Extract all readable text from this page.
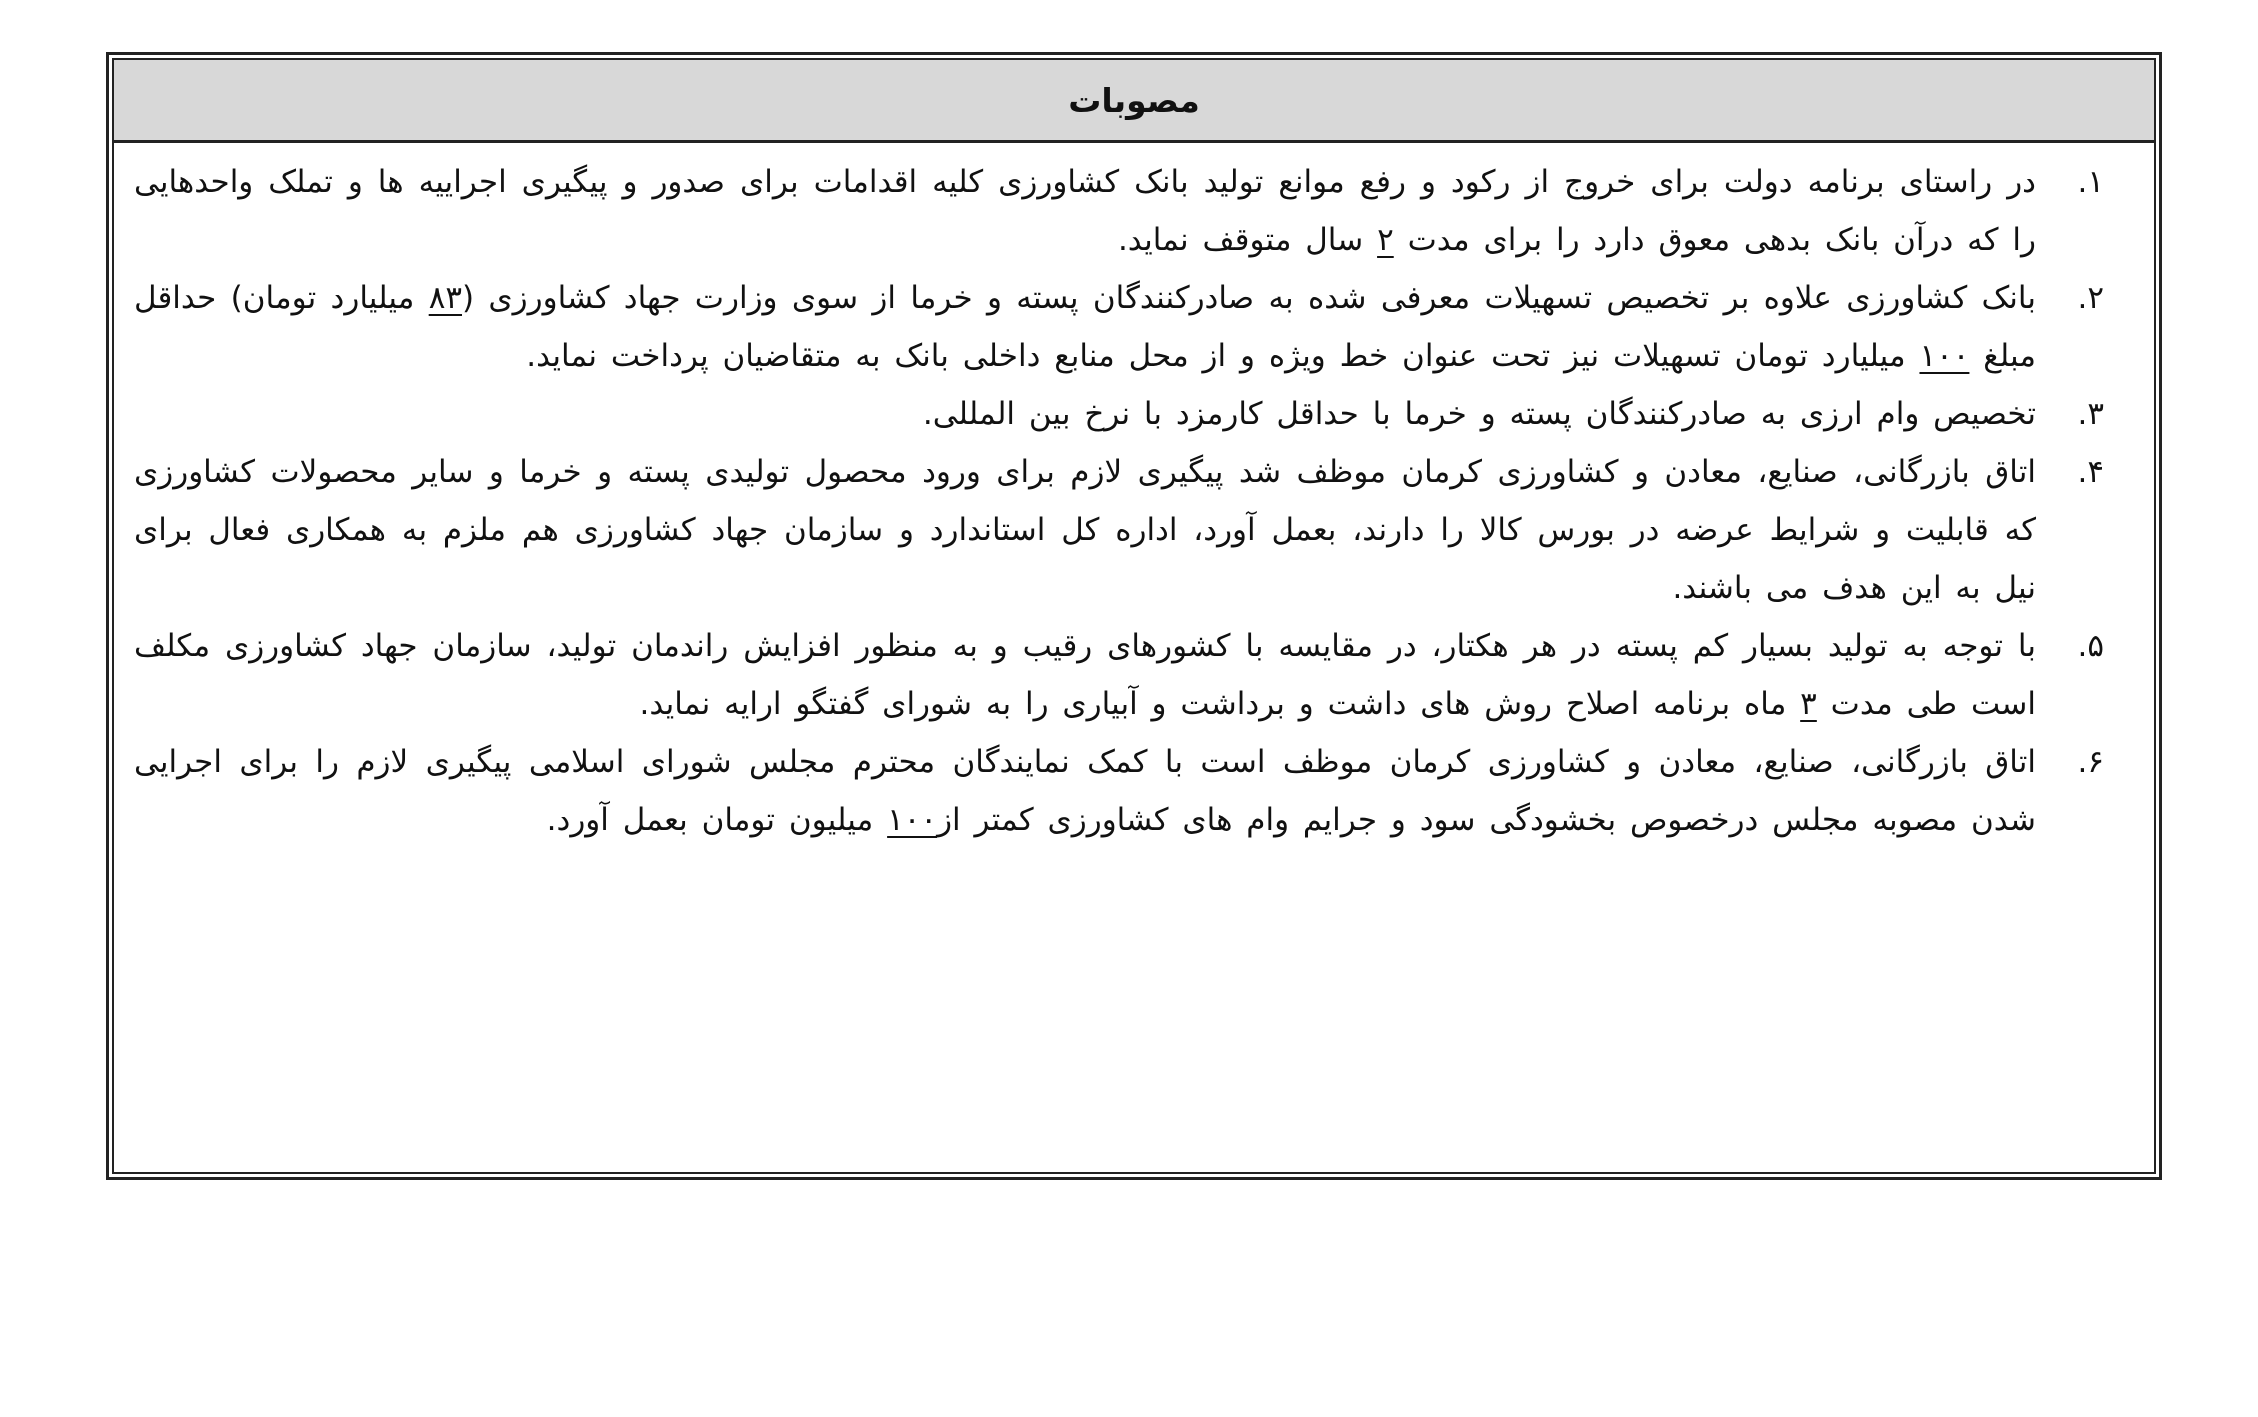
مصوبات
۱.
در راستای برنامه دولت برای خروج از رکود و رفع موانع تولید بانک کشاورزی کلیه اقدامات برای صدور و پیگیری اجراییه ها و تملک واحدهایی را که درآن بانک بدهی معوق دارد را برای مدت ۲ سال متوقف نماید.
۲.
بانک کشاورزی علاوه بر تخصیص تسهیلات معرفی شده به صادرکنندگان پسته و خرما از سوی وزارت جهاد کشاورزی (۸۳ میلیارد تومان) حداقل مبلغ ۱۰۰ میلیارد تومان تسهیلات نیز تحت عنوان خط ویژه و از محل منابع داخلی بانک به متقاضیان پرداخت نماید.
۳.
تخصیص وام ارزی به صادرکنندگان پسته و خرما با حداقل کارمزد با نرخ بین المللی.
۴.
اتاق بازرگانی، صنایع، معادن و کشاورزی کرمان موظف شد پیگیری لازم برای ورود محصول تولیدی پسته و خرما و سایر محصولات کشاورزی که قابلیت و شرایط عرضه در بورس کالا را دارند، بعمل آورد، اداره کل استاندارد و سازمان جهاد کشاورزی هم ملزم به همکاری فعال برای نیل به این هدف می باشند.
۵.
با توجه به تولید بسیار کم پسته در هر هکتار، در مقایسه با کشورهای رقیب و به منظور افزایش راندمان تولید، سازمان جهاد کشاورزی مکلف است طی مدت ۳ ماه برنامه اصلاح روش های داشت و برداشت و آبیاری را به شورای گفتگو ارایه نماید.
۶.
اتاق بازرگانی، صنایع، معادن و کشاورزی کرمان موظف است با کمک نمایندگان محترم مجلس شورای اسلامی پیگیری لازم را برای اجرایی شدن مصوبه مجلس درخصوص بخشودگی سود و جرایم وام های کشاورزی کمتر از۱۰۰ میلیون تومان بعمل آورد.
